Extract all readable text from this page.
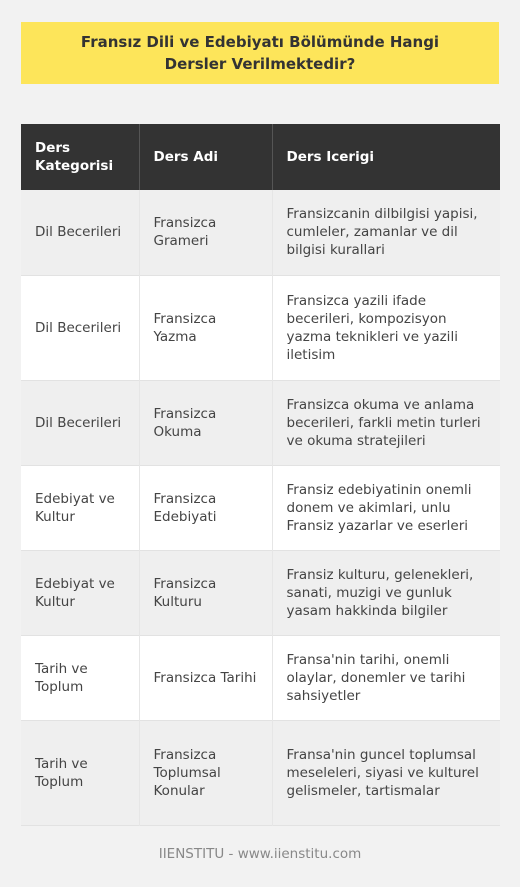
Fransız Dili ve Edebiyatı Bölümünde Hangi Dersler Verilmektedir?
Ders Kategorisi	Ders Adi	Ders Icerigi
Dil Becerileri	Fransizca Grameri	Fransizcanin dilbilgisi yapisi, cumleler, zamanlar ve dil bilgisi kurallari
Dil Becerileri	Fransizca Yazma	Fransizca yazili ifade becerileri, kompozisyon yazma teknikleri ve yazili iletisim
Dil Becerileri	Fransizca Okuma	Fransizca okuma ve anlama becerileri, farkli metin turleri ve okuma stratejileri
Edebiyat ve Kultur	Fransizca Edebiyati	Fransiz edebiyatinin onemli donem ve akimlari, unlu Fransiz yazarlar ve eserleri
Edebiyat ve Kultur	Fransizca Kulturu	Fransiz kulturu, gelenekleri, sanati, muzigi ve gunluk yasam hakkinda bilgiler
Tarih ve Toplum	Fransizca Tarihi	Fransa'nin tarihi, onemli olaylar, donemler ve tarihi sahsiyetler
Tarih ve Toplum	Fransizca Toplumsal Konular	Fransa'nin guncel toplumsal meseleleri, siyasi ve kulturel gelismeler, tartismalar
IIENSTITU - www.iienstitu.com
